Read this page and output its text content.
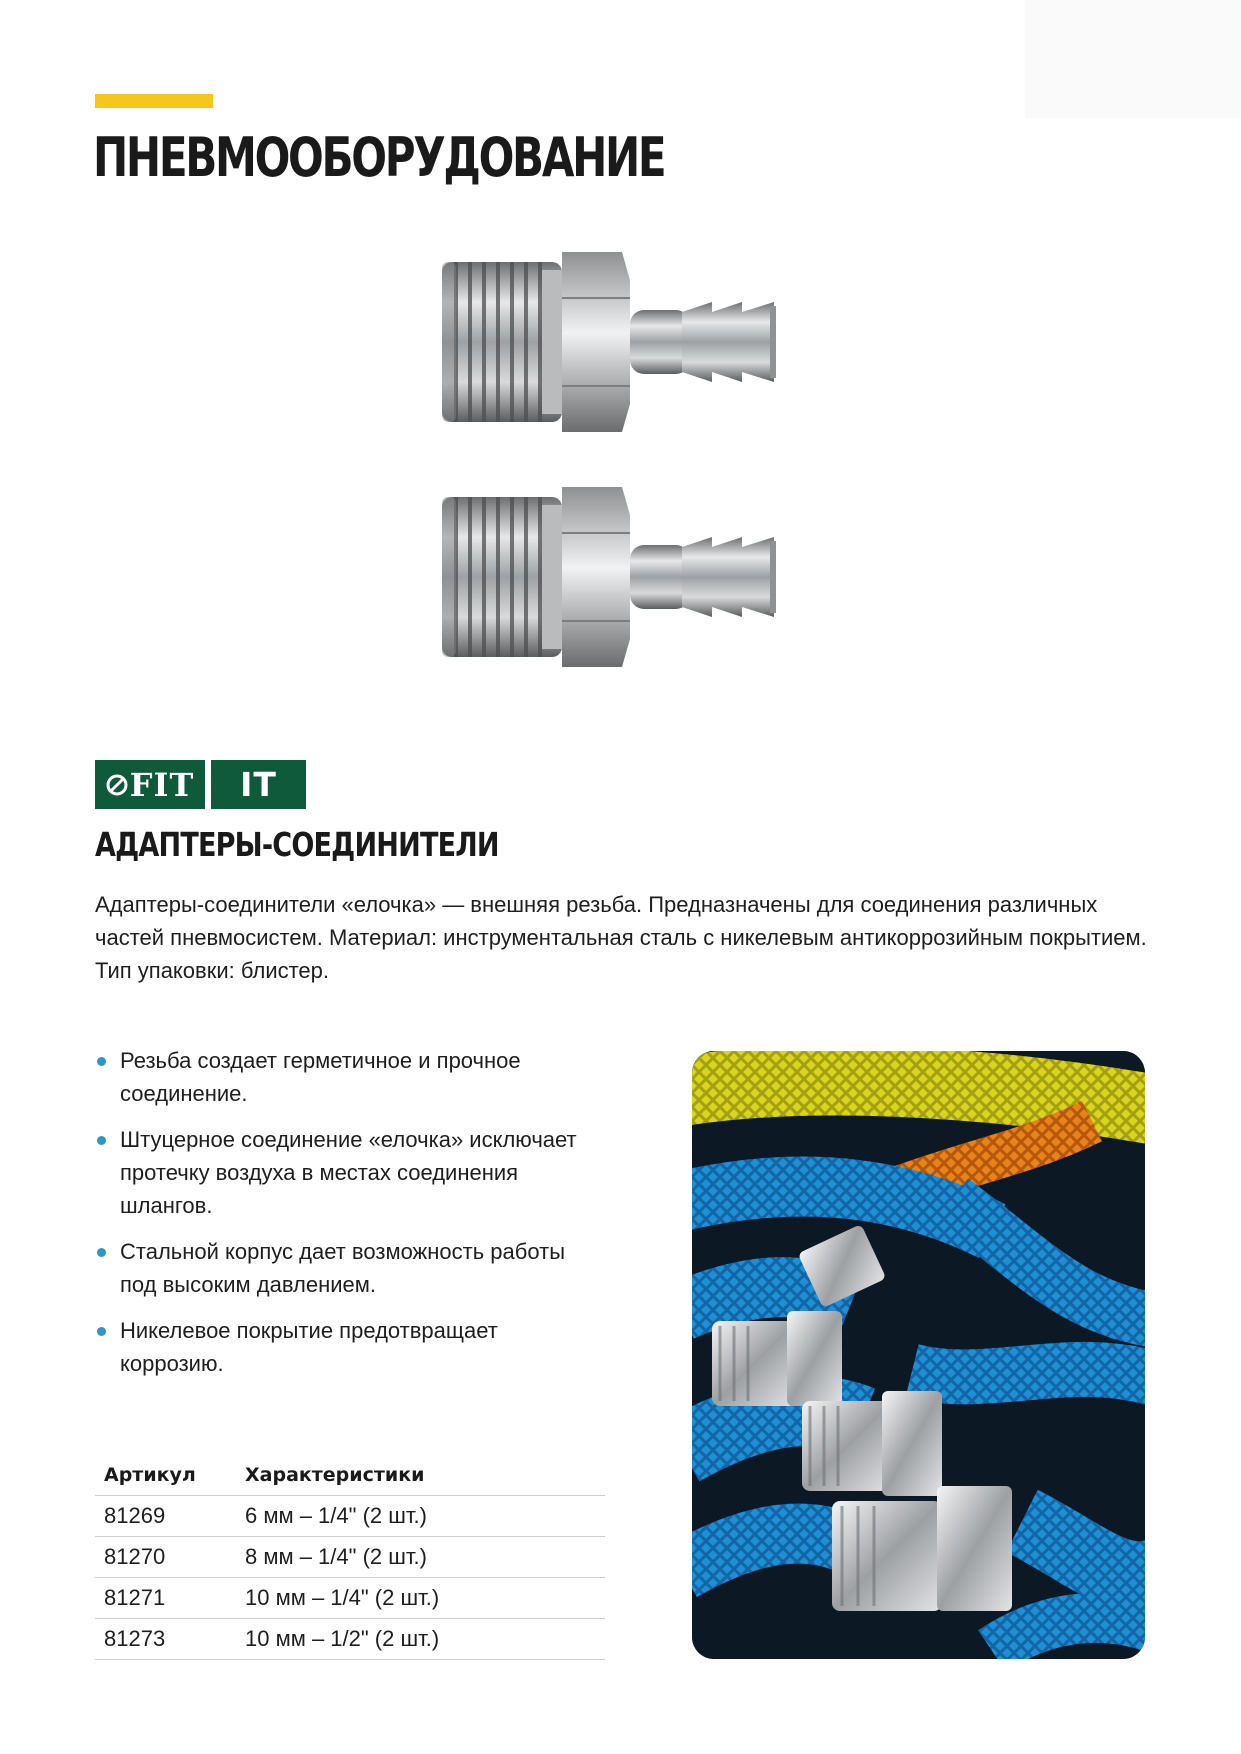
ПНЕВМООБОРУДОВАНИЕ
FIT	IT
АДАПТЕРЫ-СОЕДИНИТЕЛИ

Адаптеры-соединители «елочка» — внешняя резьба. Предназначены для соединения различных частей пневмосистем. Материал: инструментальная сталь с никелевым антикоррозийным покрытием. Тип упаковки: блистер.

Резьба создает герметичное и прочное соединение.
Штуцерное соединение «елочка» исключает протечку воздуха в местах соединения шлангов.
Стальной корпус дает возможность работы под высоким давлением.
Никелевое покрытие предотвращает коррозию.
Артикул	Характеристики
81269	6 мм – 1/4" (2 шт.)
81270	8 мм – 1/4" (2 шт.)
81271	10 мм – 1/4" (2 шт.)
81273	10 мм – 1/2" (2 шт.)
